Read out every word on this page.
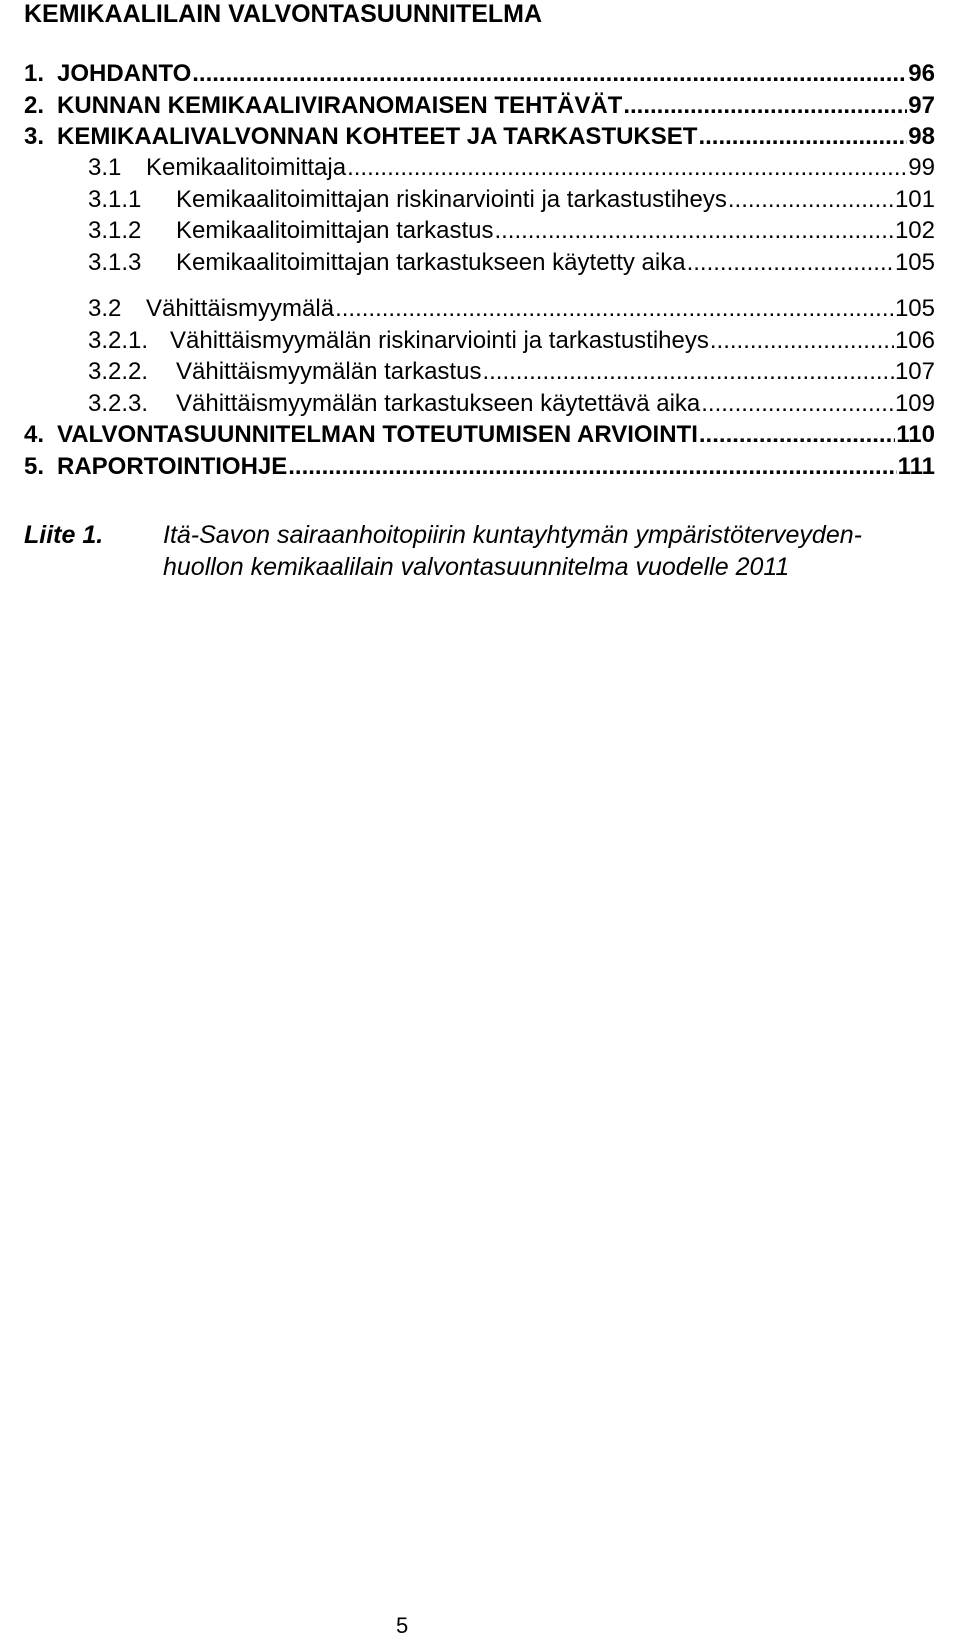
KEMIKAALILAIN VALVONTASUUNNITELMA
1. JOHDANTO .....	96
2. KUNNAN KEMIKAALIVIRANOMAISEN TEHTÄVÄT .....	97
3. KEMIKAALIVALVONNAN KOHTEET JA TARKASTUKSET .....	98
3.1	Kemikaalitoimittaja .....	99
3.1.1	Kemikaalitoimittajan riskinarviointi ja tarkastustiheys .....	101
3.1.2	Kemikaalitoimittajan tarkastus .....	102
3.1.3	Kemikaalitoimittajan tarkastukseen käytetty aika .....	105
3.2	Vähittäismyymälä .....	105
3.2.1. Vähittäismyymälän riskinarviointi ja tarkastustiheys .....	106
3.2.2.	Vähittäismyymälän tarkastus .....	107
3.2.3.	Vähittäismyymälän tarkastukseen käytettävä aika .....	109
4. VALVONTASUUNNITELMAN TOTEUTUMISEN ARVIOINTI .....	110
5. RAPORTOINTIOHJE .....	111
Liite 1. Itä-Savon sairaanhoitopiirin kuntayhtymän ympäristöterveyden-
huollon kemikaalilain valvontasuunnitelma vuodelle 2011
5
